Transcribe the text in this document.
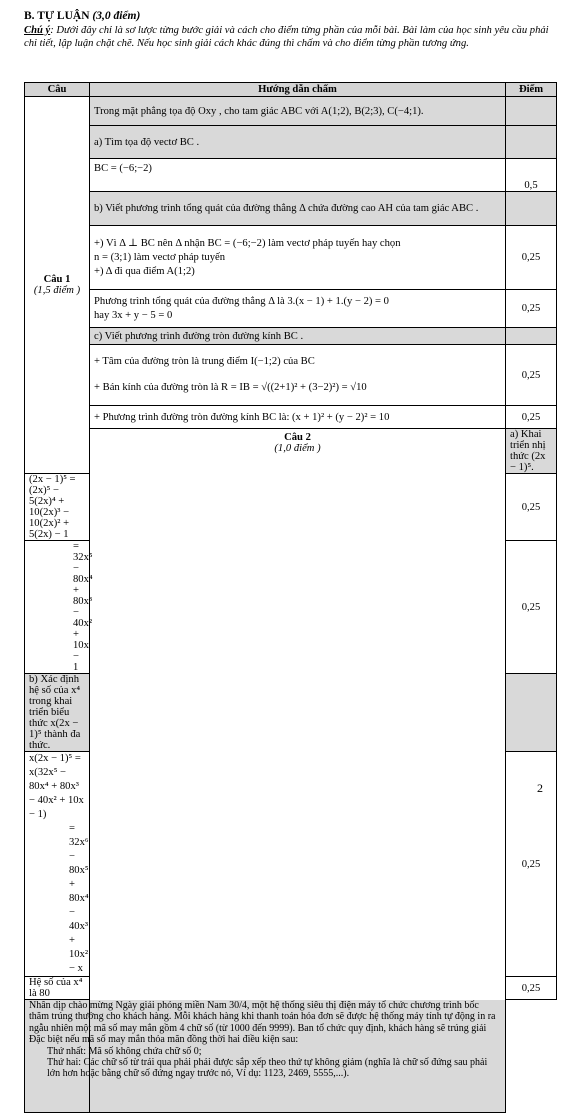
B. TỰ LUẬN (3,0 điểm)
Chú ý: Dưới đây chỉ là sơ lược từng bước giải và cách cho điểm từng phần của mỗi bài. Bài làm của học sinh yêu cầu phải chi tiết, lập luận chặt chẽ. Nếu học sinh giải cách khác đúng thì chấm và cho điểm từng phần tương ứng.
Câu	Hướng dẫn chấm	Điểm	

Câu 1
(1,5 điểm )	Trong mặt phẳng tọa độ Oxy , cho tam giác ABC với A(1;2), B(2;3), C(−4;1).		
	a) Tìm tọa độ vectơ BC .		
	BC = (−6;−2)	0,5	
	b) Viết phương trình tổng quát của đường thẳng Δ chứa đường cao AH của tam giác ABC .		

	+) Vì Δ ⊥ BC nên Δ nhận BC = (−6;−2) làm vectơ pháp tuyến hay chọn
n = (3;1) làm vectơ pháp tuyến
+) Δ đi qua điểm A(1;2)	0,25	

	Phương trình tổng quát của đường thẳng Δ là 3.(x − 1) + 1.(y − 2) = 0
hay 3x + y − 5 = 0	0,25	
	c) Viết phương trình đường tròn đường kính BC .		

	+ Tâm của đường tròn là trung điểm I(−1;2) của BC
+ Bán kính của đường tròn là R = IB = √((2+1)² + (3−2)²) = √10	0,25	
	+ Phương trình đường tròn đường kính BC là: (x + 1)² + (y − 2)² = 10	0,25	

	Câu 2
(1,0 điểm )	a) Khai triển nhị thức (2x − 1)⁵.	
(2x − 1)⁵ = (2x)⁵ − 5(2x)⁴ + 10(2x)³ − 10(2x)² + 5(2x) − 1		0,25	
= 32x⁵ − 80x⁴ + 80x³ − 40x² + 10x − 1		0,25	
b) Xác định hệ số của x⁴ trong khai triển biểu thức x(2x − 1)⁵ thành đa thức.			

x(2x − 1)⁵ = x(32x⁵ − 80x⁴ + 80x³ − 40x² + 10x − 1)
= 32x⁶ − 80x⁵ + 80x⁴ − 40x³ + 10x² − x		0,25	
Hệ số của x⁴ là 80		0,25	
Nhân dịp chào mừng Ngày giải phóng miền Nam 30/4, một hệ thống siêu thị điện máy tổ chức chương trình bốc thăm trúng thưởng cho khách hàng. Mỗi khách hàng khi thanh toán hóa đơn sẽ được hệ thống máy tính tự động in ra ngẫu nhiên một mã số may mắn gồm 4 chữ số (từ 1000 đến 9999). Ban tổ chức quy định, khách hàng sẽ trúng giải Đặc biệt nếu mã số may mắn thỏa mãn đồng thời hai điều kiện sau:
Thứ nhất: Mã số không chứa chữ số 0;
Thứ hai: Các chữ số từ trái qua phải phải được sắp xếp theo thứ tự không giảm (nghĩa là chữ số đứng sau phải lớn hơn hoặc bằng chữ số đứng ngay trước nó, Ví dụ: 1123, 2469, 5555,...).			
2
